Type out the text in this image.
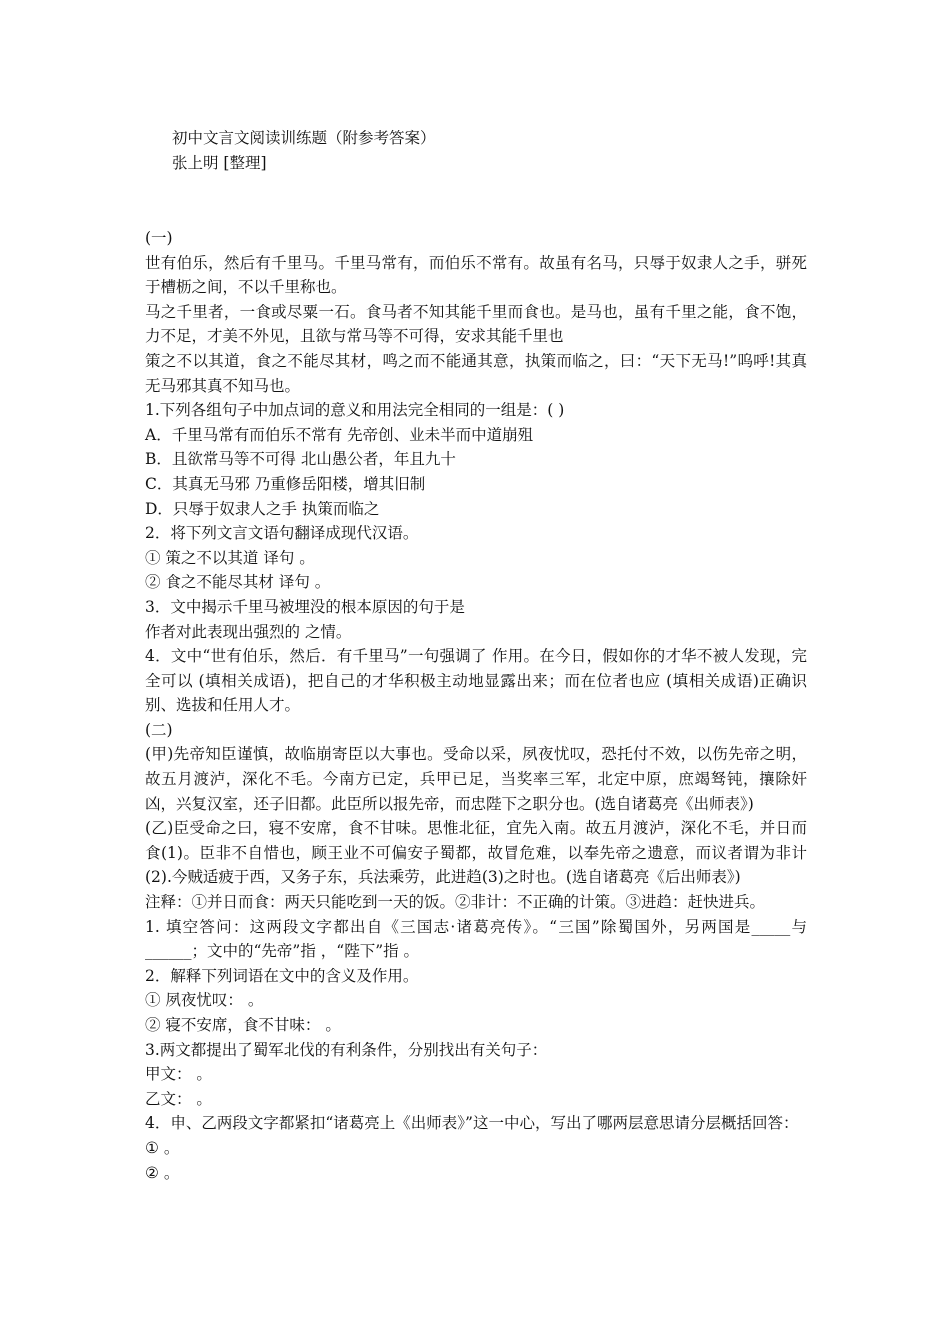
初中文言文阅读训练题（附参考答案）
张上明 [整理]

(一)

世有伯乐，然后有千里马。千里马常有，而伯乐不常有。故虽有名马，只辱于奴隶人之手，骈死于槽枥之间，不以千里称也。

马之千里者，一食或尽粟一石。食马者不知其能千里而食也。是马也，虽有千里之能，食不饱，力不足，才美不外见，且欲与常马等不可得，安求其能千里也

策之不以其道，食之不能尽其材，鸣之而不能通其意，执策而临之，曰：“天下无马!”呜呼!其真无马邪其真不知马也。

1.下列各组句子中加点词的意义和用法完全相同的一组是：( )

A．千里马常有而伯乐不常有 先帝创、业未半而中道崩殂

B．且欲常马等不可得 北山愚公者，年且九十

C．其真无马邪 乃重修岳阳楼，增其旧制

D．只辱于奴隶人之手 执策而临之

2．将下列文言文语句翻译成现代汉语。

① 策之不以其道 译句 。

② 食之不能尽其材 译句 。

3．文中揭示千里马被埋没的根本原因的句于是

作者对此表现出强烈的 之情。

4．文中“世有伯乐，然后．有千里马”一句强调了 作用。在今日，假如你的才华不被人发现，完全可以 (填相关成语)，把自己的才华积极主动地显露出来；而在位者也应 (填相关成语)正确识别、选拔和任用人才。

(二)

(甲)先帝知臣谨慎，故临崩寄臣以大事也。受命以采，夙夜忧叹，恐托付不效，以伤先帝之明，故五月渡泸，深化不毛。今南方已定，兵甲已足，当奖率三军，北定中原，庶竭驽钝，攘除奸凶，兴复汉室，还子旧都。此臣所以报先帝，而忠陛下之职分也。(选自诸葛亮《出师表》)

(乙)臣受命之曰，寝不安席，食不甘味。思惟北征，宜先入南。故五月渡泸，深化不毛，并日而食(1)。臣非不自惜也，顾王业不可偏安子蜀都，故冒危难，以奉先帝之遗意，而议者谓为非计(2).今贼适疲于西，又务子东，兵法乘劳，此进趋(3)之时也。(选自诸葛亮《后出师表》)

注释：①并日而食：两天只能吃到一天的饭。②非计：不正确的计策。③进趋：赶快进兵。

1. 填空答问：这两段文字都出自《三国志·诸葛亮传》。“三国”除蜀国外，另两国是_____与______；文中的“先帝”指 ，“陛下”指 。

2．解释下列词语在文中的含义及作用。

① 夙夜忧叹： 。

② 寝不安席，食不甘味： 。

3.两文都提出了蜀军北伐的有利条件，分别找出有关句子：

甲文： 。

乙文： 。

4．申、乙两段文字都紧扣“诸葛亮上《出师表》”这一中心，写出了哪两层意思请分层概括回答：

① 。

② 。
